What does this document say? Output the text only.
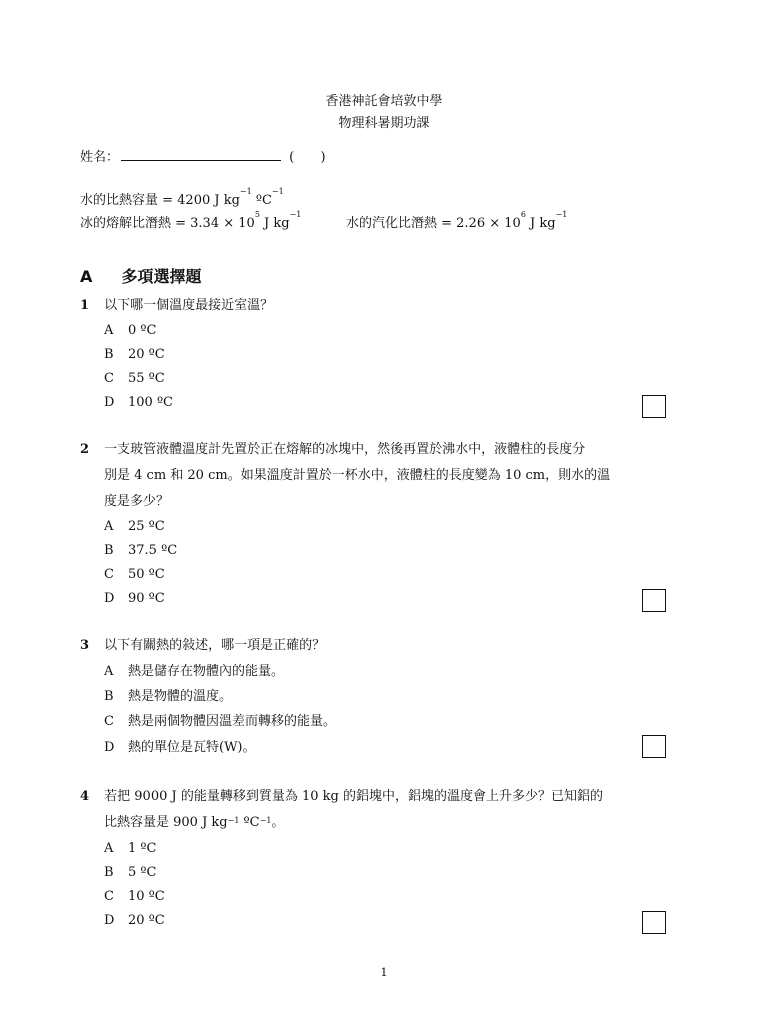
香港神託會培敦中學
物理科暑期功課
姓名：	( )
水的比熱容量 = 4200 J $kg^{-1}$ ºC$^{-1}$
冰的熔解比潛熱 = $3.34 \times 10^5$ J $kg^{-1}$
水的汽化比潛熱 = $2.26 \times 10^6$ J $kg^{-1}$
A 多項選擇題
1 以下哪一個溫度最接近室溫？
A 0 ºC
B 20 ºC
C 55 ºC
D 100 ºC
2 一支玻管液體溫度計先置於正在熔解的冰塊中，然後再置於沸水中，液體柱的長度分
別是 4 cm 和 20 cm。如果溫度計置於一杯水中，液體柱的長度變為 10 cm，則水的溫
度是多少？
A 25 ºC
B 37.5 ºC
C 50 ºC
D 90 ºC
3 以下有關熱的敍述，哪一項是正確的？
A 熱是儲存在物體內的能量。
B 熱是物體的溫度。
C 熱是兩個物體因溫差而轉移的能量。
D 熱的單位是瓦特(W)。
4 若把 9000 J 的能量轉移到質量為 10 kg 的鋁塊中，鋁塊的溫度會上升多少？已知鋁的
比熱容量是 900 J $kg^{-1}$ ºC$^{-1}$。
A 1 ºC
B 5 ºC
C 10 ºC
D 20 ºC
1
